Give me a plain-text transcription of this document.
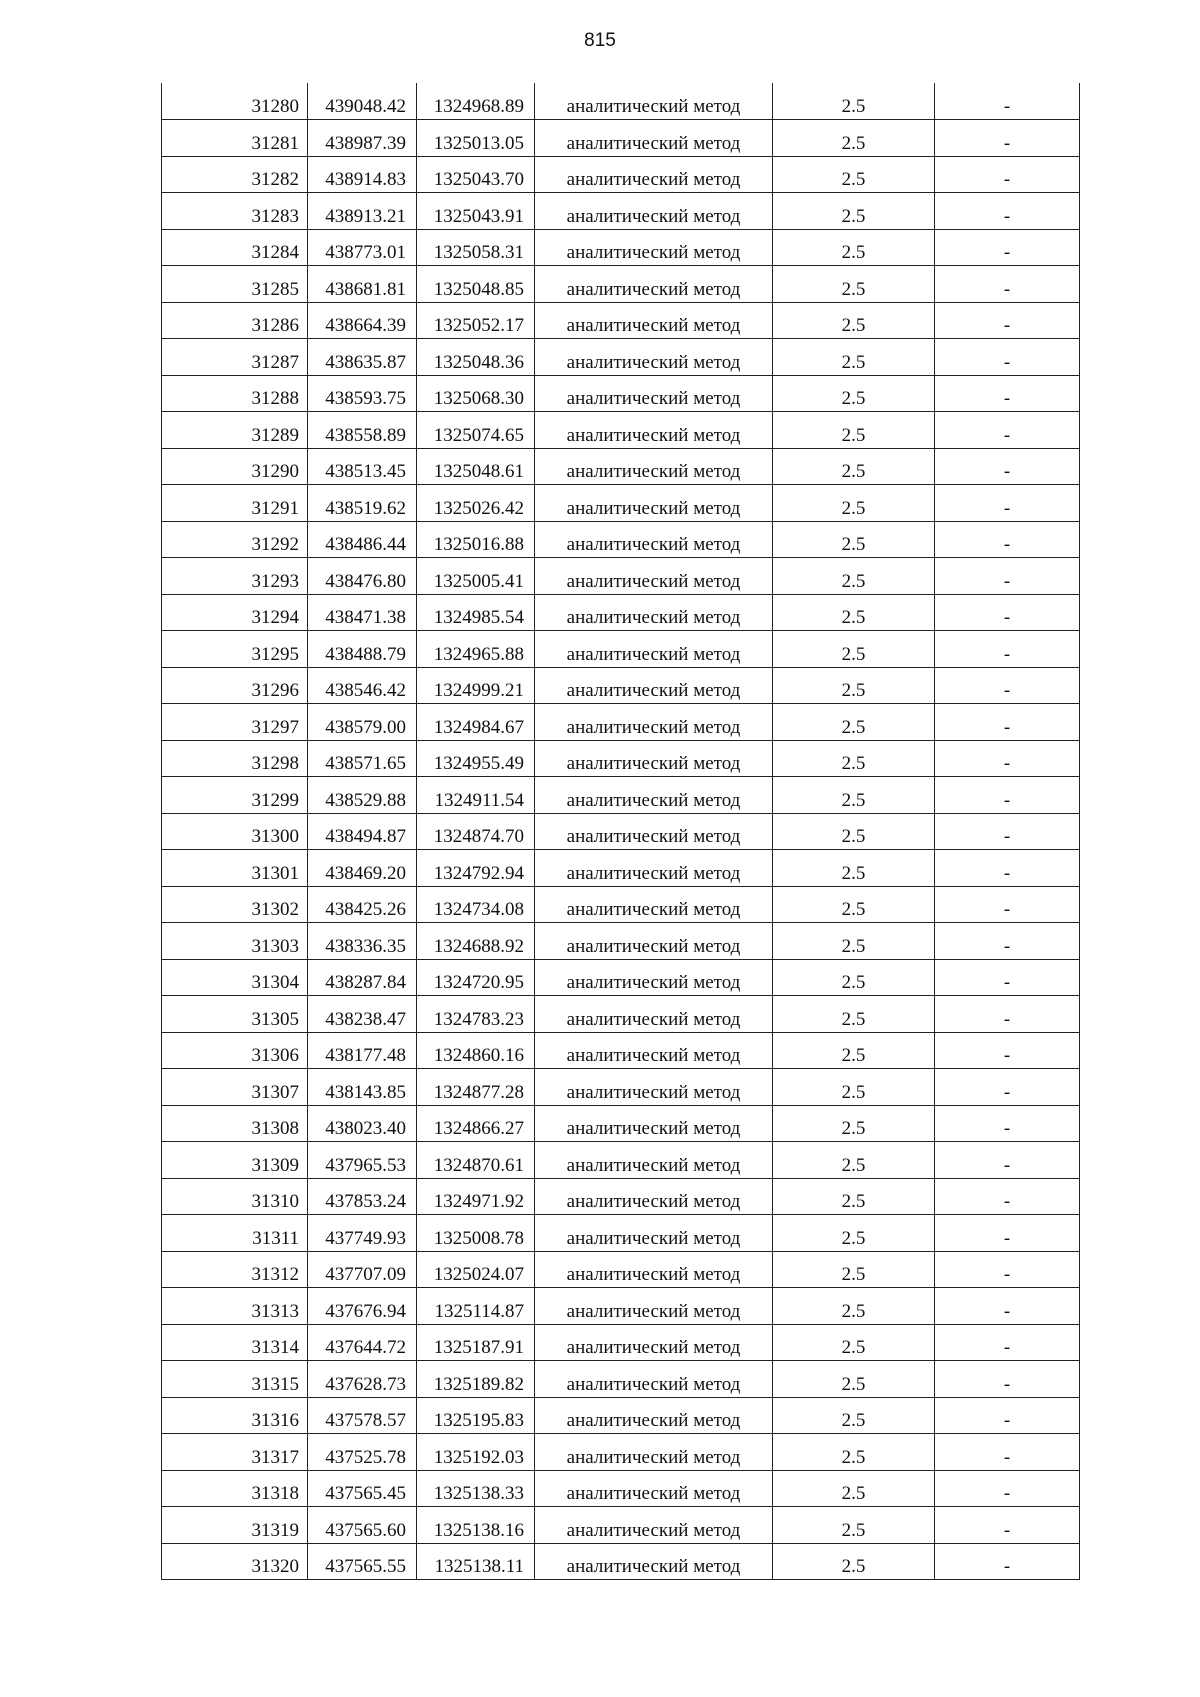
815
31280	439048.42	1324968.89	аналитический метод	2.5	-
31281	438987.39	1325013.05	аналитический метод	2.5	-
31282	438914.83	1325043.70	аналитический метод	2.5	-
31283	438913.21	1325043.91	аналитический метод	2.5	-
31284	438773.01	1325058.31	аналитический метод	2.5	-
31285	438681.81	1325048.85	аналитический метод	2.5	-
31286	438664.39	1325052.17	аналитический метод	2.5	-
31287	438635.87	1325048.36	аналитический метод	2.5	-
31288	438593.75	1325068.30	аналитический метод	2.5	-
31289	438558.89	1325074.65	аналитический метод	2.5	-
31290	438513.45	1325048.61	аналитический метод	2.5	-
31291	438519.62	1325026.42	аналитический метод	2.5	-
31292	438486.44	1325016.88	аналитический метод	2.5	-
31293	438476.80	1325005.41	аналитический метод	2.5	-
31294	438471.38	1324985.54	аналитический метод	2.5	-
31295	438488.79	1324965.88	аналитический метод	2.5	-
31296	438546.42	1324999.21	аналитический метод	2.5	-
31297	438579.00	1324984.67	аналитический метод	2.5	-
31298	438571.65	1324955.49	аналитический метод	2.5	-
31299	438529.88	1324911.54	аналитический метод	2.5	-
31300	438494.87	1324874.70	аналитический метод	2.5	-
31301	438469.20	1324792.94	аналитический метод	2.5	-
31302	438425.26	1324734.08	аналитический метод	2.5	-
31303	438336.35	1324688.92	аналитический метод	2.5	-
31304	438287.84	1324720.95	аналитический метод	2.5	-
31305	438238.47	1324783.23	аналитический метод	2.5	-
31306	438177.48	1324860.16	аналитический метод	2.5	-
31307	438143.85	1324877.28	аналитический метод	2.5	-
31308	438023.40	1324866.27	аналитический метод	2.5	-
31309	437965.53	1324870.61	аналитический метод	2.5	-
31310	437853.24	1324971.92	аналитический метод	2.5	-
31311	437749.93	1325008.78	аналитический метод	2.5	-
31312	437707.09	1325024.07	аналитический метод	2.5	-
31313	437676.94	1325114.87	аналитический метод	2.5	-
31314	437644.72	1325187.91	аналитический метод	2.5	-
31315	437628.73	1325189.82	аналитический метод	2.5	-
31316	437578.57	1325195.83	аналитический метод	2.5	-
31317	437525.78	1325192.03	аналитический метод	2.5	-
31318	437565.45	1325138.33	аналитический метод	2.5	-
31319	437565.60	1325138.16	аналитический метод	2.5	-
31320	437565.55	1325138.11	аналитический метод	2.5	-
